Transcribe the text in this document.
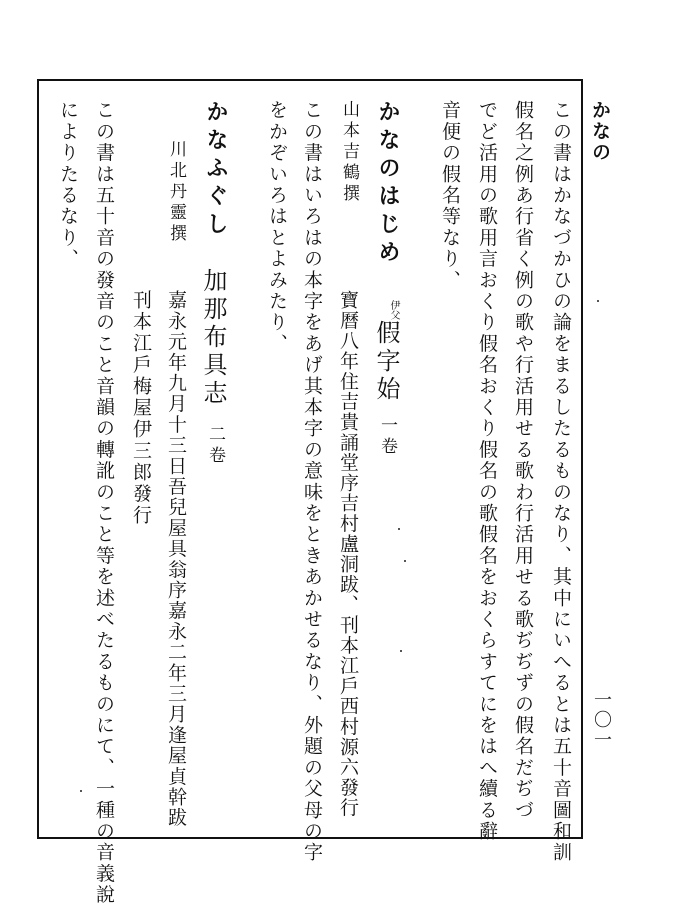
かなの
一〇一
この書はかなづかひの論をまるしたるものなり、其中にいへるとは五十音圖和訓
假名之例あ行省く例の歌や行活用せる歌わ行活用せる歌ぢぢずの假名だぢづ
でど活用の歌用言おくり假名おくり假名の歌假名をおくらすてにをはへ續る辭
音便の假名等なり、
かなのはじめ
山本吉鶴撰
伊父
假字始
一卷
寶曆八年住吉貴誦堂序吉村盧洞跋、刊本江戶西村源六發行
この書はいろはの本字をあげ其本字の意味をときあかせるなり、外題の父母の字
をかぞいろはとよみたり、
かなふぐし
川北丹靈撰
加那布具志
二卷
嘉永元年九月十三日吾兒屋具翁序嘉永二年三月逢屋貞幹跋
刊本江戶梅屋伊三郎發行
この書は五十音の發音のこと音韻の轉訛のこと等を述べたるものにて、一種の音義說
によりたるなり、
